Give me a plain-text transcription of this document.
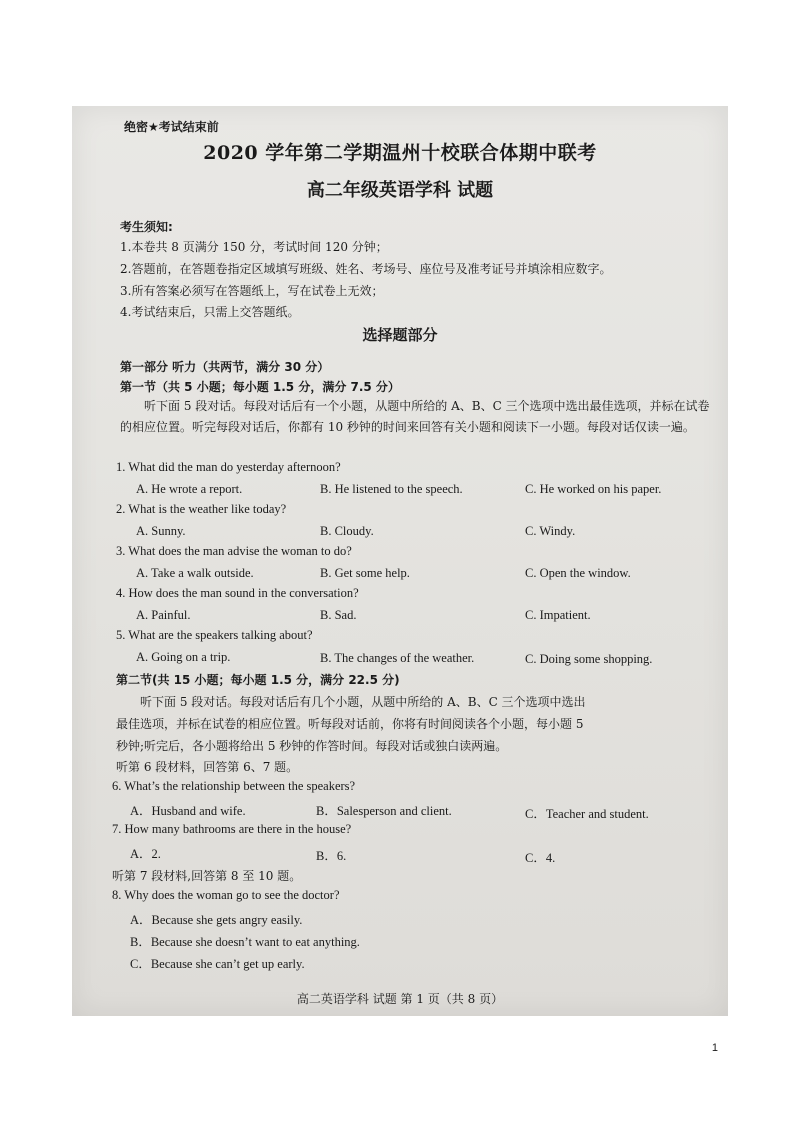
绝密★考试结束前
2020 学年第二学期温州十校联合体期中联考
高二年级英语学科 试题
考生须知:
1.本卷共 8 页满分 150 分，考试时间 120 分钟；
2.答题前，在答题卷指定区域填写班级、姓名、考场号、座位号及准考证号并填涂相应数字。
3.所有答案必须写在答题纸上，写在试卷上无效；
4.考试结束后，只需上交答题纸。
选择题部分
第一部分 听力（共两节，满分 30 分）
第一节（共 5 小题；每小题 1.5 分，满分 7.5 分）
听下面 5 段对话。每段对话后有一个小题，从题中所给的 A、B、C 三个选项中选出最佳选项，并标在试卷的相应位置。听完每段对话后，你都有 10 秒钟的时间来回答有关小题和阅读下一小题。每段对话仅读一遍。
1. What did the man do yesterday afternoon?
A. He wrote a report.	B. He listened to the speech.	C. He worked on his paper.
2. What is the weather like today?
A. Sunny.	B. Cloudy.	C. Windy.
3. What does the man advise the woman to do?
A. Take a walk outside.	B. Get some help.	C. Open the window.
4. How does the man sound in the conversation?
A. Painful.	B. Sad.	C. Impatient.
5. What are the speakers talking about?
A. Going on a trip.	B. The changes of the weather.	C. Doing some shopping.
第二节(共 15 小题；每小题 1.5 分，满分 22.5 分)
听下面 5 段对话。每段对话后有几个小题，从题中所给的 A、B、C 三个选项中选出
最佳选项，并标在试卷的相应位置。听每段对话前，你将有时间阅读各个小题，每小题 5
秒钟;听完后，各小题将给出 5 秒钟的作答时间。每段对话或独白读两遍。
听第 6 段材料，回答第 6、7 题。
6. What’s the relationship between the speakers?
A．Husband and wife.	B．Salesperson and client.	C．Teacher and student.
7. How many bathrooms are there in the house?
A．2.	B．6.	C．4.
听第 7 段材料,回答第 8 至 10 题。
8. Why does the woman go to see the doctor?
A．Because she gets angry easily.
B．Because she doesn’t want to eat anything.
C．Because she can’t get up early.
高二英语学科 试题 第 1 页（共 8 页）
1
